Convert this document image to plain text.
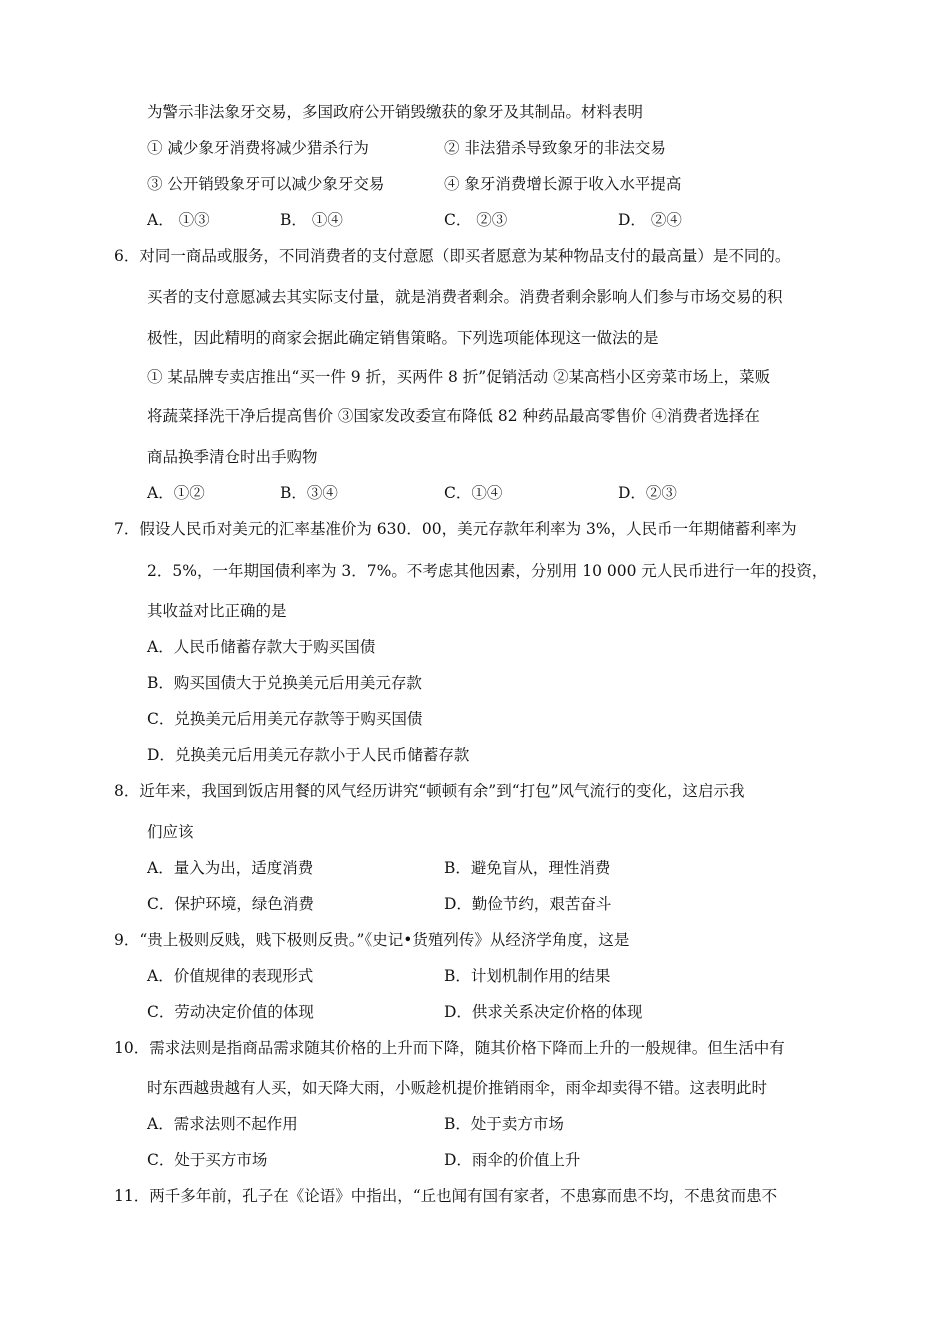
为警示非法象牙交易，多国政府公开销毁缴获的象牙及其制品。材料表明
① 减少象牙消费将减少猎杀行为	② 非法猎杀导致象牙的非法交易
③ 公开销毁象牙可以减少象牙交易	④ 象牙消费增长源于收入水平提高
A． ①③	B． ①④	C． ②③	D． ②④
6．对同一商品或服务，不同消费者的支付意愿（即买者愿意为某种物品支付的最高量）是不同的。
买者的支付意愿减去其实际支付量，就是消费者剩余。消费者剩余影响人们参与市场交易的积
极性，因此精明的商家会据此确定销售策略。下列选项能体现这一做法的是
① 某品牌专卖店推出“买一件 9 折，买两件 8 折”促销活动 ②某高档小区旁菜市场上，菜贩
将蔬菜择洗干净后提高售价 ③国家发改委宣布降低 82 种药品最高零售价 ④消费者选择在
商品换季清仓时出手购物
A．①②	B．③④	C．①④	D．②③
7．假设人民币对美元的汇率基准价为 630．00，美元存款年利率为 3%，人民币一年期储蓄利率为
2．5%，一年期国债利率为 3．7%。不考虑其他因素，分别用 10 000 元人民币进行一年的投资，
其收益对比正确的是
A．人民币储蓄存款大于购买国债
B．购买国债大于兑换美元后用美元存款
C．兑换美元后用美元存款等于购买国债
D．兑换美元后用美元存款小于人民币储蓄存款
8．近年来，我国到饭店用餐的风气经历讲究“顿顿有余”到“打包”风气流行的变化，这启示我
们应该
A．量入为出，适度消费	B．避免盲从，理性消费
C．保护环境，绿色消费	D．勤俭节约，艰苦奋斗
9．“贵上极则反贱，贱下极则反贵。”《史记•货殖列传》从经济学角度，这是
A．价值规律的表现形式	B．计划机制作用的结果
C．劳动决定价值的体现	D．供求关系决定价格的体现
10．需求法则是指商品需求随其价格的上升而下降，随其价格下降而上升的一般规律。但生活中有
时东西越贵越有人买，如天降大雨，小贩趁机提价推销雨伞，雨伞却卖得不错。这表明此时
A．需求法则不起作用	B．处于卖方市场
C．处于买方市场	D．雨伞的价值上升
11．两千多年前，孔子在《论语》中指出，“丘也闻有国有家者，不患寡而患不均，不患贫而患不
